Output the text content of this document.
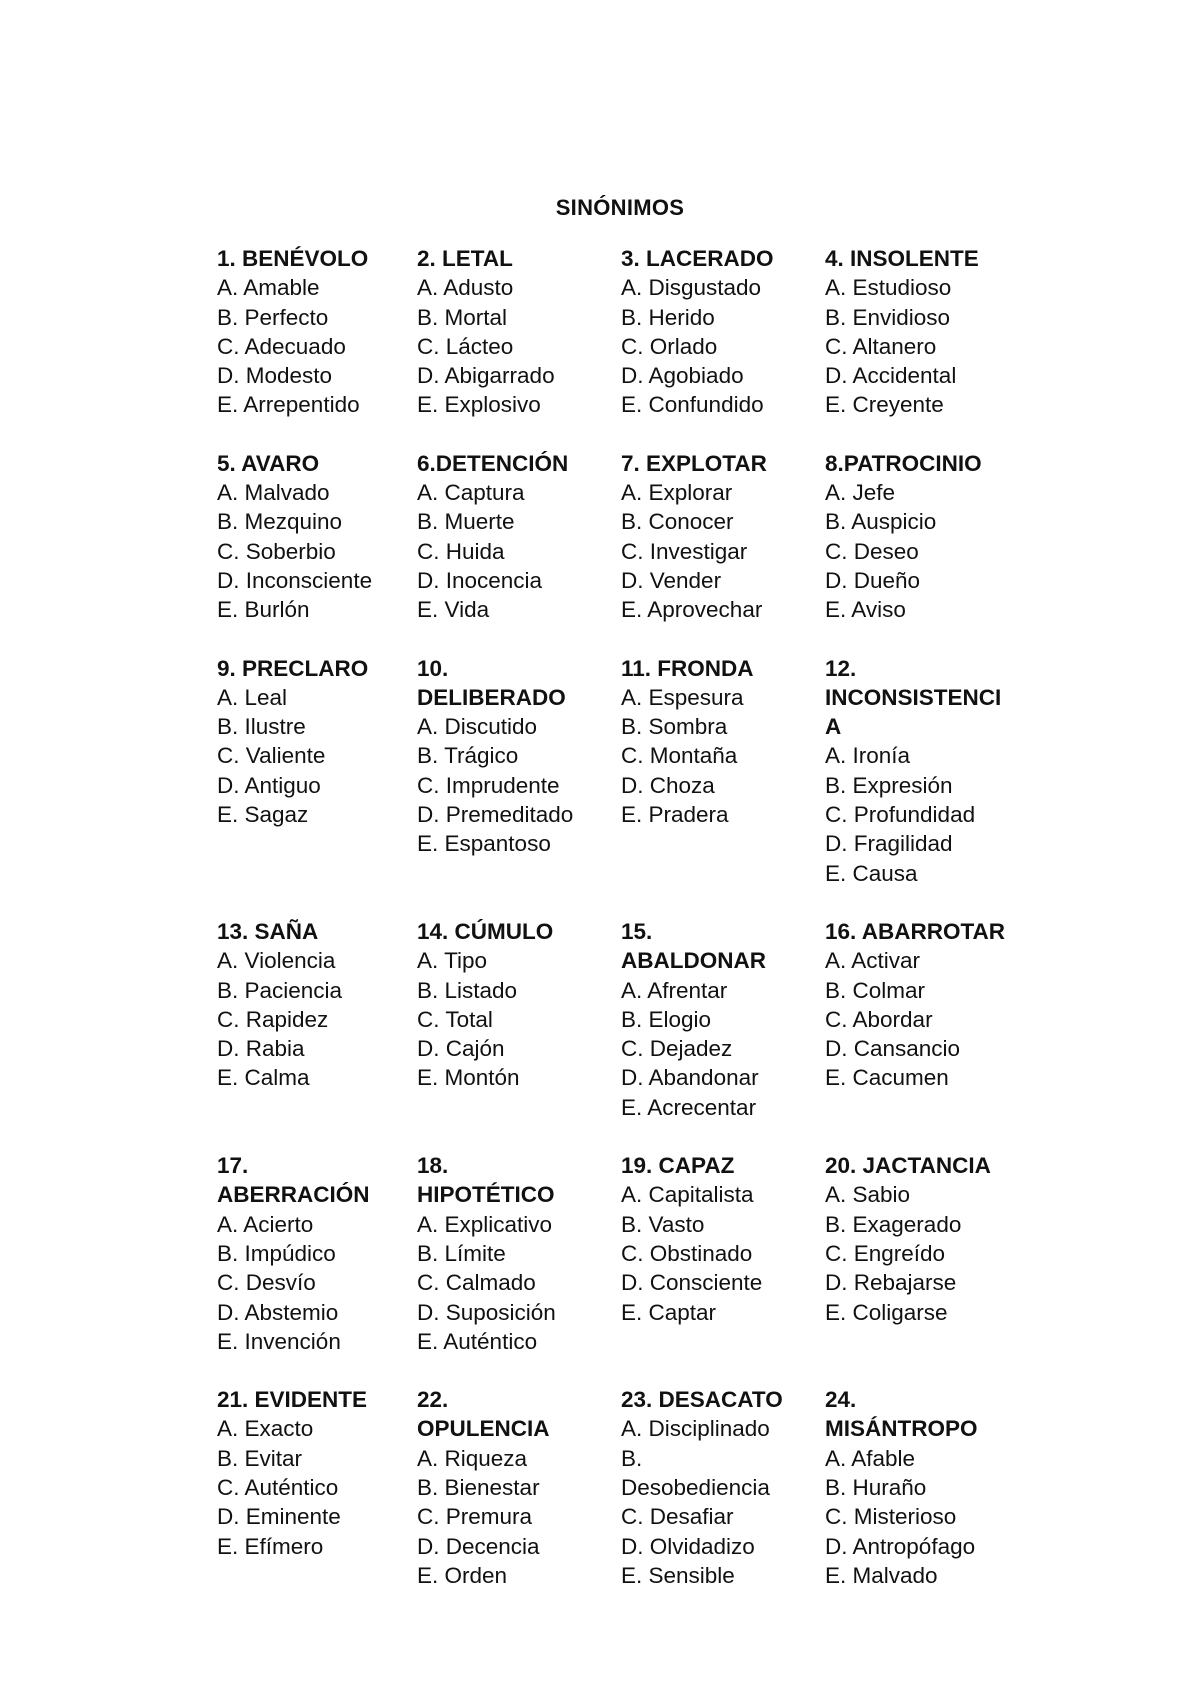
SINÓNIMOS
1. BENÉVOLO
A. Amable
B. Perfecto
C. Adecuado
D. Modesto
E. Arrepentido
2. LETAL
A. Adusto
B. Mortal
C. Lácteo
D. Abigarrado
E. Explosivo
3. LACERADO
A. Disgustado
B. Herido
C. Orlado
D. Agobiado
E. Confundido
4. INSOLENTE
A. Estudioso
B. Envidioso
C. Altanero
D. Accidental
E. Creyente
5. AVARO
A. Malvado
B. Mezquino
C. Soberbio
D. Inconsciente
E. Burlón
6.DETENCIÓN
A. Captura
B. Muerte
C. Huida
D. Inocencia
E. Vida
7. EXPLOTAR
A. Explorar
B. Conocer
C. Investigar
D. Vender
E. Aprovechar
8.PATROCINIO
A. Jefe
B. Auspicio
C. Deseo
D. Dueño
E. Aviso
9. PRECLARO
A. Leal
B. Ilustre
C. Valiente
D. Antiguo
E. Sagaz
10.
DELIBERADO
A. Discutido
B. Trágico
C. Imprudente
D. Premeditado
E. Espantoso
11. FRONDA
A. Espesura
B. Sombra
C. Montaña
D. Choza
E. Pradera
12.
INCONSISTENCI
A
A. Ironía
B. Expresión
C. Profundidad
D. Fragilidad
E. Causa
13. SAÑA
A. Violencia
B. Paciencia
C. Rapidez
D. Rabia
E. Calma
14. CÚMULO
A. Tipo
B. Listado
C. Total
D. Cajón
E. Montón
15.
ABALDONAR
A. Afrentar
B. Elogio
C. Dejadez
D. Abandonar
E. Acrecentar
16. ABARROTAR
A. Activar
B. Colmar
C. Abordar
D. Cansancio
E. Cacumen
17.
ABERRACIÓN
A. Acierto
B. Impúdico
C. Desvío
D. Abstemio
E. Invención
18.
HIPOTÉTICO
A. Explicativo
B. Límite
C. Calmado
D. Suposición
E. Auténtico
19. CAPAZ
A. Capitalista
B. Vasto
C. Obstinado
D. Consciente
E. Captar
20. JACTANCIA
A. Sabio
B. Exagerado
C. Engreído
D. Rebajarse
E. Coligarse
21. EVIDENTE
A. Exacto
B. Evitar
C. Auténtico
D. Eminente
E. Efímero
22.
OPULENCIA
A. Riqueza
B. Bienestar
C. Premura
D. Decencia
E. Orden
23. DESACATO
A. Disciplinado
B.
Desobediencia
C. Desafiar
D. Olvidadizo
E. Sensible
24.
MISÁNTROPO
A. Afable
B. Huraño
C. Misterioso
D. Antropófago
E. Malvado
